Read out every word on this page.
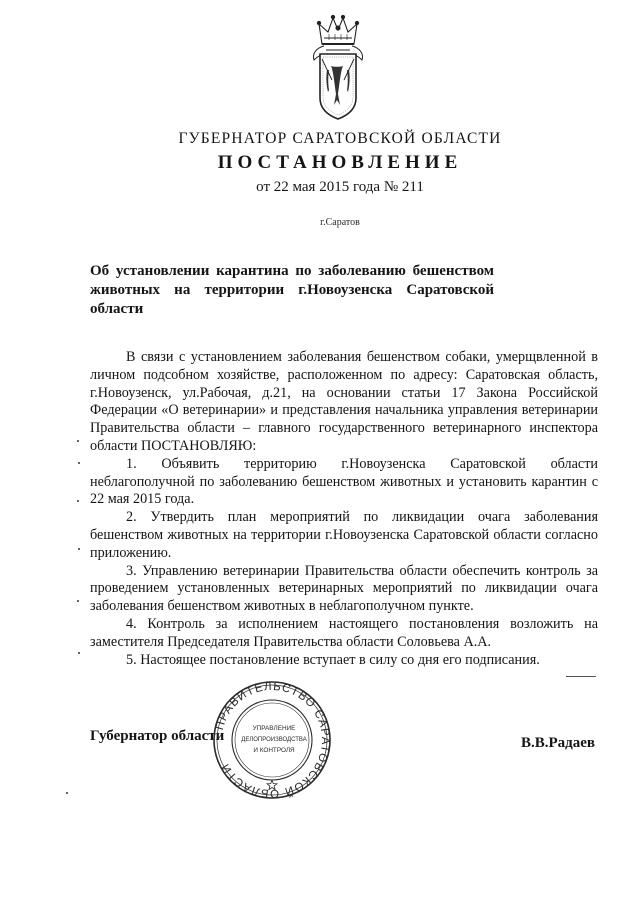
ГУБЕРНАТОР САРАТОВСКОЙ ОБЛАСТИ
ПОСТАНОВЛЕНИЕ
от 22 мая 2015 года № 211
г.Саратов
Об установлении карантина по заболеванию бешенством
животных на территории г.Новоузенска Саратовской
области

В связи с установлением заболевания бешенством собаки, умерщвленной в личном подсобном хозяйстве, расположенном по адресу: Саратовская область, г.Новоузенск, ул.Рабочая, д.21, на основании статьи 17 Закона Российской Федерации «О ветеринарии» и представления начальника управления ветеринарии Правительства области – главного государственного ветеринарного инспектора области ПОСТАНОВЛЯЮ:

1. Объявить территорию г.Новоузенска Саратовской области неблагополучной по заболеванию бешенством животных и установить карантин с 22 мая 2015 года.

2. Утвердить план мероприятий по ликвидации очага заболевания бешенством животных на территории г.Новоузенска Саратовской области согласно приложению.

3. Управлению ветеринарии Правительства области обеспечить контроль за проведением установленных ветеринарных мероприятий по ликвидации очага заболевания бешенством животных в неблагополучном пункте.

4. Контроль за исполнением настоящего постановления возложить на заместителя Председателя Правительства области Соловьева А.А.

5. Настоящее постановление вступает в силу со дня его подписания.

Губернатор области	В.В.Радаев
ПРАВИТЕЛЬСТВО САРАТОВСКОЙ ОБЛАСТИ
УПРАВЛЕНИЕ
ДЕЛОПРОИЗВОДСТВА
И КОНТРОЛЯ
